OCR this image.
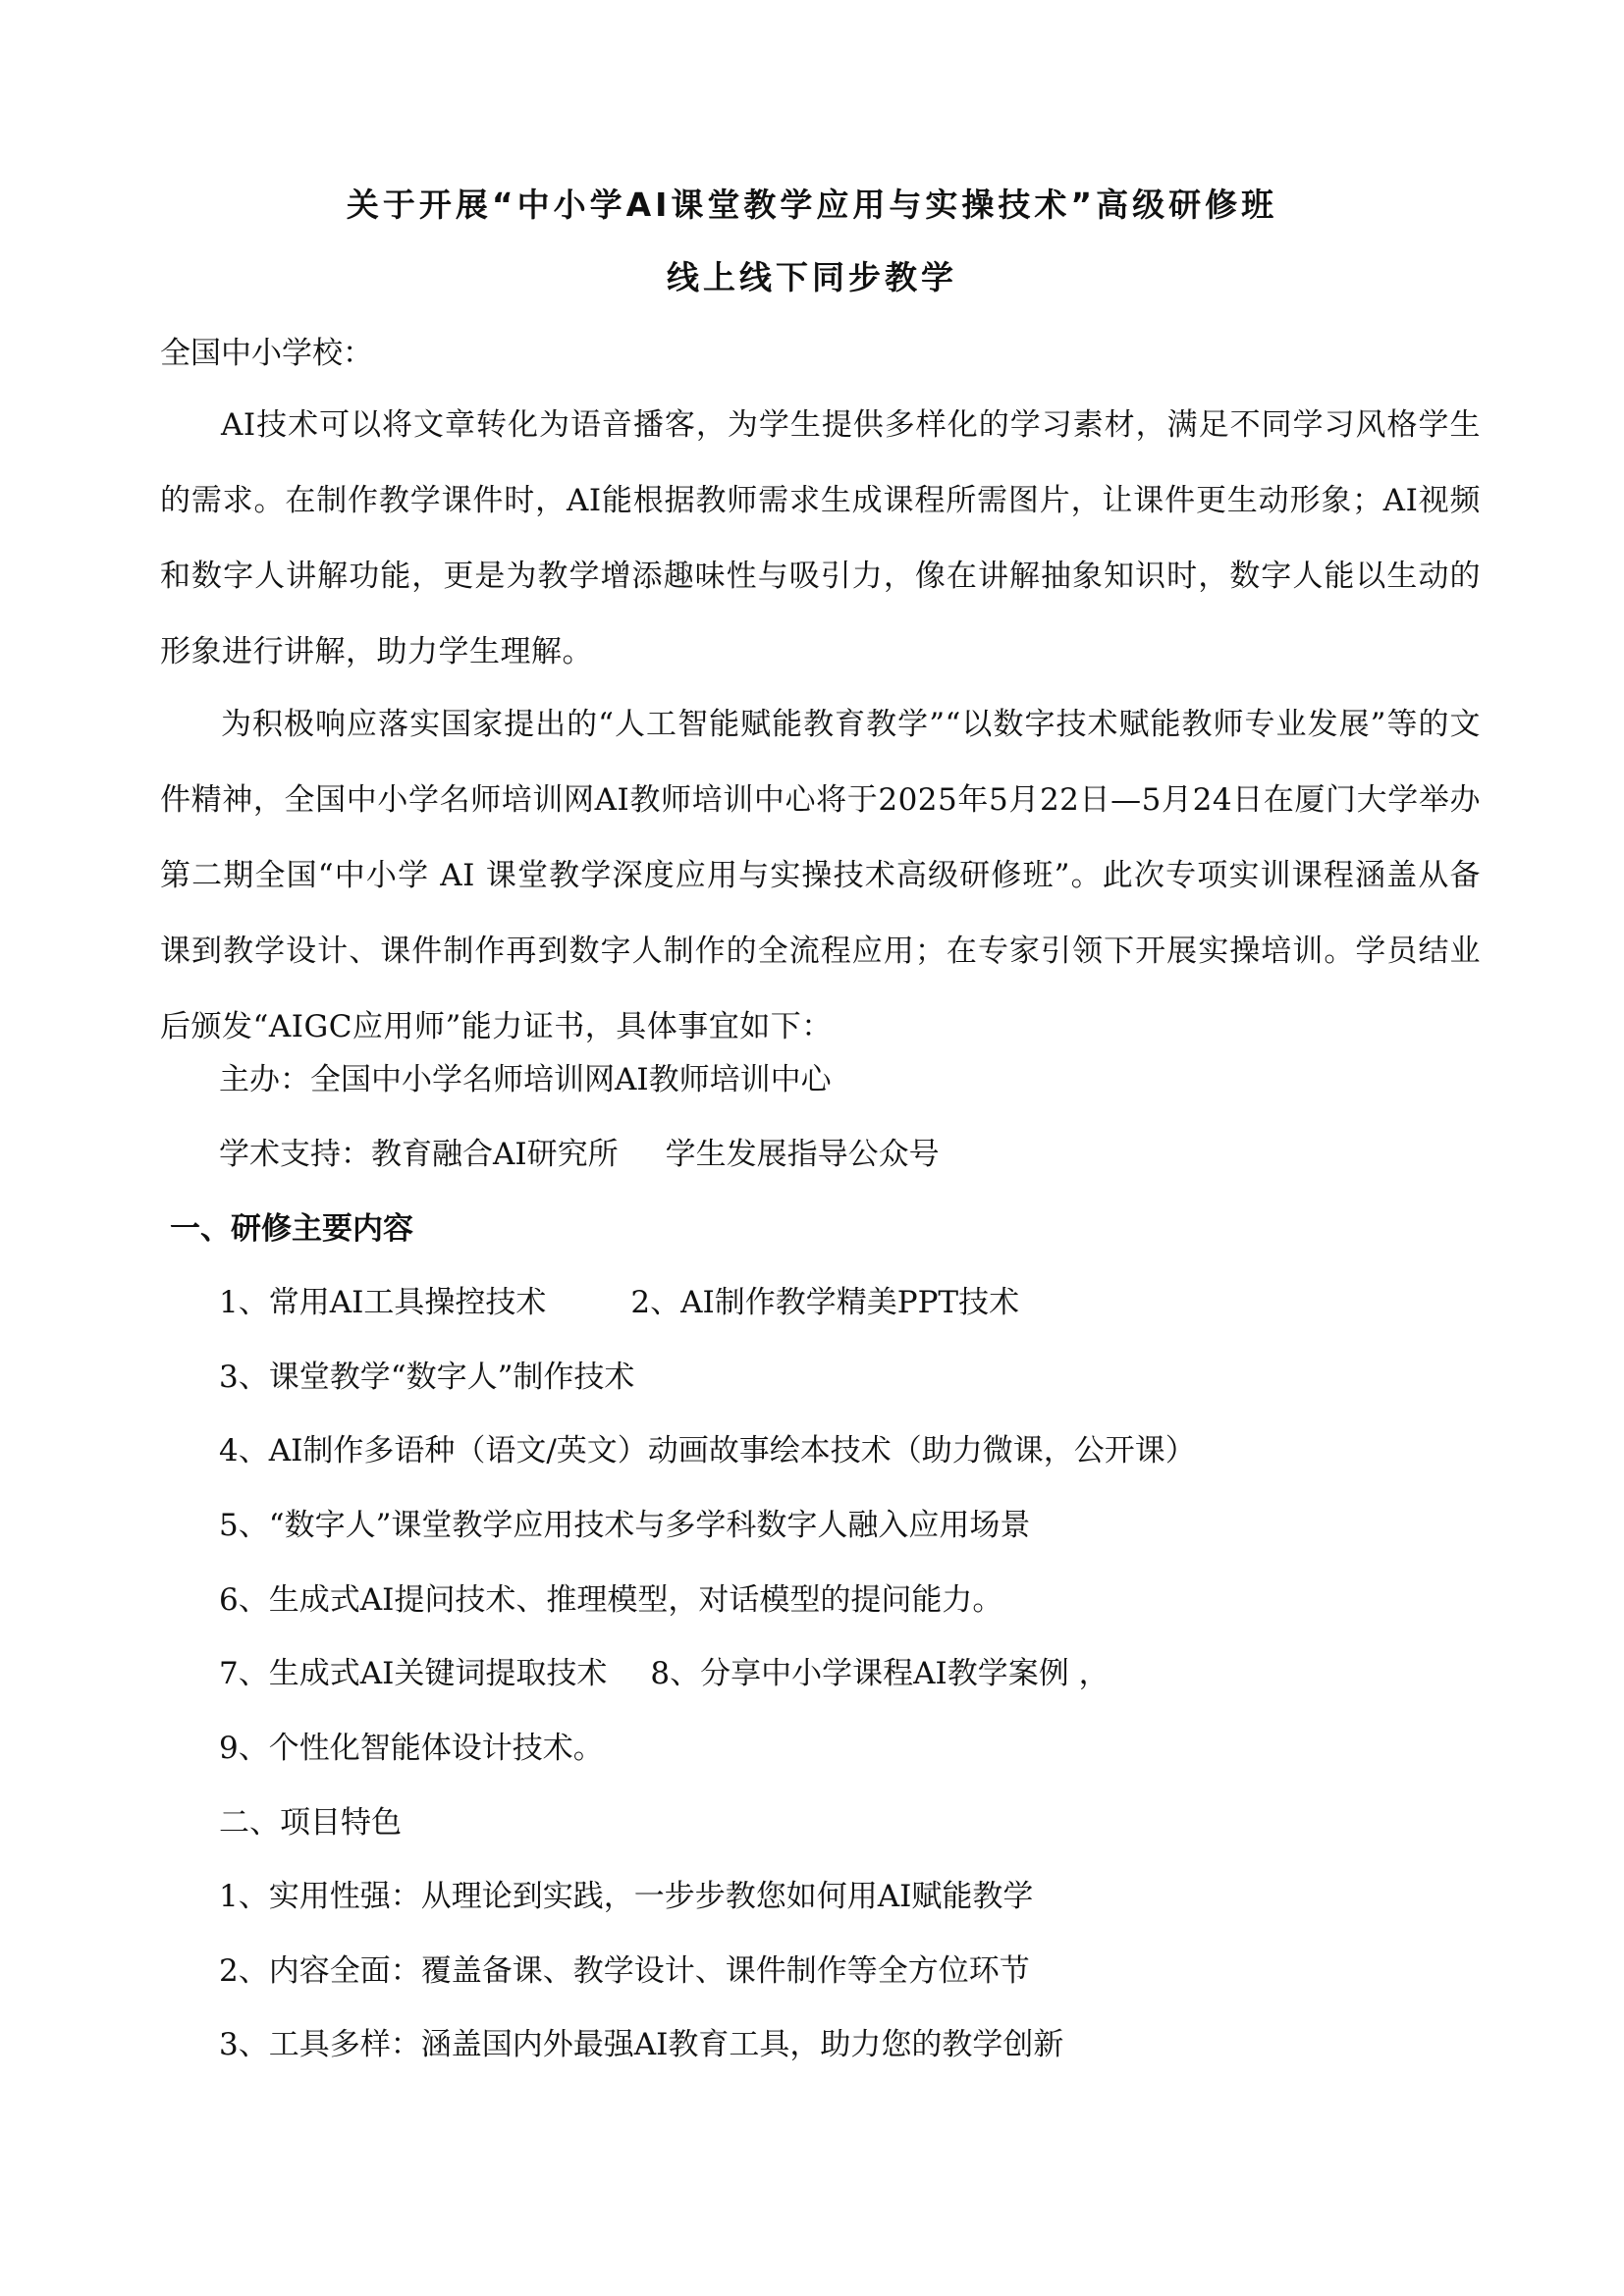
关于开展“中小学AI课堂教学应用与实操技术”高级研修班
线上线下同步教学
全国中小学校：
AI技术可以将文章转化为语音播客，为学生提供多样化的学习素材，满足不同学习风格学生的需求。在制作教学课件时，AI能根据教师需求生成课程所需图片，让课件更生动形象；AI视频和数字人讲解功能，更是为教学增添趣味性与吸引力，像在讲解抽象知识时，数字人能以生动的形象进行讲解，助力学生理解。
为积极响应落实国家提出的“人工智能赋能教育教学”“以数字技术赋能教师专业发展”等的文件精神，全国中小学名师培训网AI教师培训中心将于2025年5月22日—5月24日在厦门大学举办第二期全国“中小学 AI 课堂教学深度应用与实操技术高级研修班”。此次专项实训课程涵盖从备课到教学设计、课件制作再到数字人制作的全流程应用；在专家引领下开展实操培训。学员结业后颁发“AIGC应用师”能力证书，具体事宜如下：
主办：全国中小学名师培训网AI教师培训中心
学术支持：教育融合AI研究所 学生发展指导公众号
一、研修主要内容
1、常用AI工具操控技术	2、AI制作教学精美PPT技术
3、课堂教学“数字人”制作技术
4、AI制作多语种（语文/英文）动画故事绘本技术（助力微课，公开课）
5、“数字人”课堂教学应用技术与多学科数字人融入应用场景
6、生成式AI提问技术、推理模型，对话模型的提问能力。
7、生成式AI关键词提取技术 8、分享中小学课程AI教学案例 ，
9、个性化智能体设计技术。
二、项目特色
1、实用性强：从理论到实践，一步步教您如何用AI赋能教学
2、内容全面：覆盖备课、教学设计、课件制作等全方位环节
3、工具多样：涵盖国内外最强AI教育工具，助力您的教学创新
